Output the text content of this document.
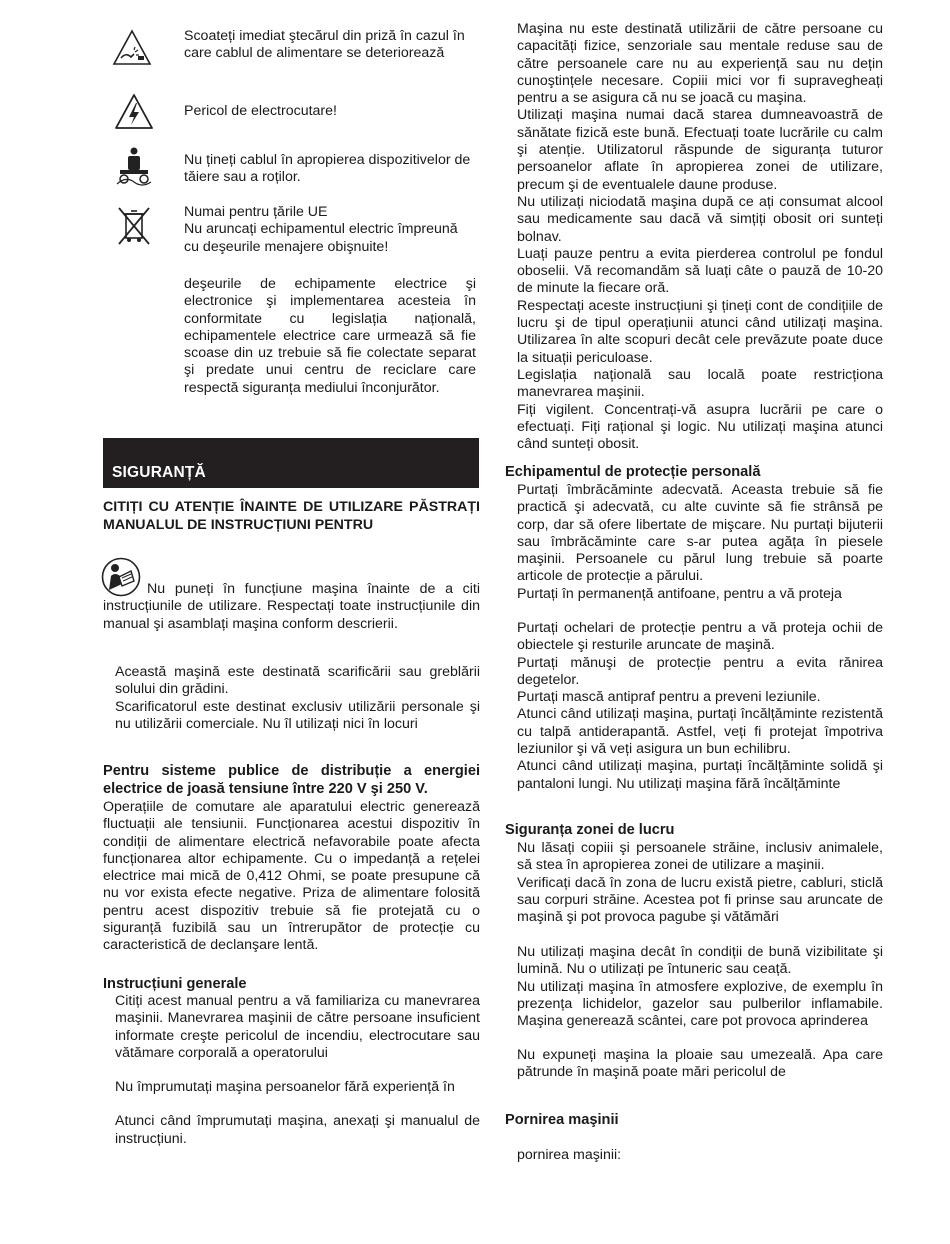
Scoateți imediat ştecărul din priză în cazul în care cablul de alimentare se deteriorează
Pericol de electrocutare!
Nu țineți cablul în apropierea dispozitivelor de tăiere sau a roților.
Numai pentru țările UE
Nu aruncați echipamentul electric împreună cu deşeurile menajere obişnuite!
deşeurile de echipamente electrice şi electronice şi implementarea acesteia în conformitate cu legislația națională, echipamentele electrice care urmează să fie scoase din uz trebuie să fie colectate separat şi predate unui centru de reciclare care respectă siguranța mediului înconjurător.
SIGURANȚĂ
CITIȚI CU ATENȚIE ÎNAINTE DE UTILIZARE PĂSTRAȚI MANUALUL DE INSTRUCȚIUNI PENTRU
Nu puneți în funcțiune maşina înainte de a citi instrucțiunile de utilizare. Respectați toate instrucțiunile din manual şi asamblați maşina conform descrierii.

Această maşină este destinată scarificării sau greblării solului din grădini.

Scarificatorul este destinat exclusiv utilizării personale şi nu utilizării comerciale. Nu îl utilizați nici în locuri

Pentru sisteme publice de distribuție a energiei electrice de joasă tensiune între 220 V şi 250 V.
Operațiile de comutare ale aparatului electric generează fluctuații ale tensiunii. Funcționarea acestui dispozitiv în condiții de alimentare electrică nefavorabile poate afecta funcționarea altor echipamente. Cu o impedanță a rețelei electrice mai mică de 0,412 Ohmi, se poate presupune că nu vor exista efecte negative. Priza de alimentare folosită pentru acest dispozitiv trebuie să fie protejată cu o siguranță fuzibilă sau un întrerupător de protecție cu caracteristică de declanşare lentă.
Instrucțiuni generale

Citiți acest manual pentru a vă familiariza cu manevrarea maşinii. Manevrarea maşinii de către persoane insuficient informate creşte pericolul de incendiu, electrocutare sau vătămare corporală a operatorului

Nu împrumutați maşina persoanelor fără experiență în

Atunci când împrumutați maşina, anexați şi manualul de instrucțiuni.

Maşina nu este destinată utilizării de către persoane cu capacități fizice, senzoriale sau mentale reduse sau de către persoanele care nu au experiență sau nu dețin cunoştințele necesare. Copiii mici vor fi supravegheați pentru a se asigura că nu se joacă cu maşina.

Utilizați maşina numai dacă starea dumneavoastră de sănătate fizică este bună. Efectuați toate lucrările cu calm şi atenție. Utilizatorul răspunde de siguranța tuturor persoanelor aflate în apropierea zonei de utilizare, precum şi de eventualele daune produse.

Nu utilizați niciodată maşina după ce ați consumat alcool sau medicamente sau dacă vă simțiți obosit ori sunteți bolnav.

Luați pauze pentru a evita pierderea controlul pe fondul oboselii. Vă recomandăm să luați câte o pauză de 10-20 de minute la fiecare oră.

Respectați aceste instrucțiuni şi țineți cont de condițiile de lucru şi de tipul operațiunii atunci când utilizați maşina. Utilizarea în alte scopuri decât cele prevăzute poate duce la situații periculoase.

Legislația națională sau locală poate restricționa manevrarea maşinii.

Fiți vigilent. Concentrați-vă asupra lucrării pe care o efectuați. Fiți rațional şi logic. Nu utilizați maşina atunci când sunteți obosit.

Echipamentul de protecție personală

Purtați îmbrăcăminte adecvată. Aceasta trebuie să fie practică şi adecvată, cu alte cuvinte să fie strânsă pe corp, dar să ofere libertate de mişcare. Nu purtați bijuterii sau îmbrăcăminte care s-ar putea agăța în piesele maşinii. Persoanele cu părul lung trebuie să poarte articole de protecție a părului.

Purtați în permanență antifoane, pentru a vă proteja

Purtați ochelari de protecție pentru a vă proteja ochii de obiectele şi resturile aruncate de maşină.

Purtați mănuşi de protecție pentru a evita rănirea degetelor.

Purtați mască antipraf pentru a preveni leziunile.

Atunci când utilizați maşina, purtați încălțăminte rezistentă cu talpă antiderapantă. Astfel, veți fi protejat împotriva leziunilor şi vă veți asigura un bun echilibru.

Atunci când utilizați maşina, purtați încălțăminte solidă şi pantaloni lungi. Nu utilizați maşina fără încălțăminte

Siguranța zonei de lucru

Nu lăsați copiii şi persoanele străine, inclusiv animalele, să stea în apropierea zonei de utilizare a maşinii.

Verificați dacă în zona de lucru există pietre, cabluri, sticlă sau corpuri străine. Acestea pot fi prinse sau aruncate de maşină şi pot provoca pagube şi vătămări

Nu utilizați maşina decât în condiții de bună vizibilitate şi lumină. Nu o utilizați pe întuneric sau ceață.

Nu utilizați maşina în atmosfere explozive, de exemplu în prezența lichidelor, gazelor sau pulberilor inflamabile. Maşina generează scântei, care pot provoca aprinderea

Nu expuneți maşina la ploaie sau umezeală. Apa care pătrunde în maşină poate mări pericolul de

Pornirea maşinii
pornirea maşinii:
